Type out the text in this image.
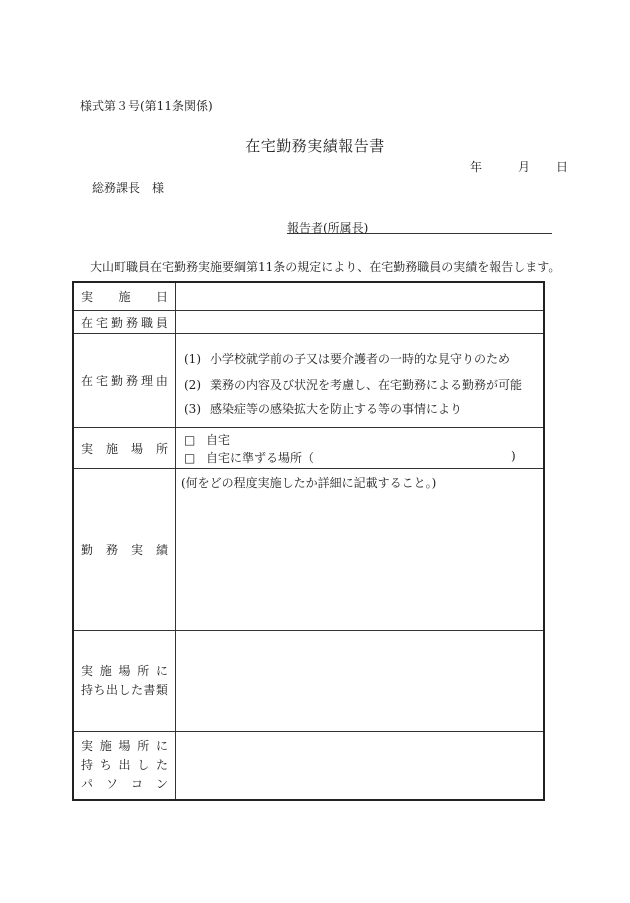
様式第３号(第11条関係)
在宅勤務実績報告書
年	月 日
総務課長　様
報告者(所属長)
大山町職員在宅勤務実施要綱第11条の規定により、在宅勤務職員の実績を報告します。
実 施 日
在 宅 勤 務 職 員
在 宅 勤 務 理 由
(1) 小学校就学前の子又は要介護者の一時的な見守りのため
(2) 業務の内容及び状況を考慮し、在宅勤務による勤務が可能
(3) 感染症等の感染拡大を防止する等の事情により
実 施 場 所
□ 自宅
□ 自宅に準ずる場所（	)
勤 務 実 績
(何をどの程度実施したか詳細に記載すること。)
実 施 場 所 に
持 ち 出 し た 書 類
実 施 場 所 に
持 ち 出 し た
パ ソ コ ン
